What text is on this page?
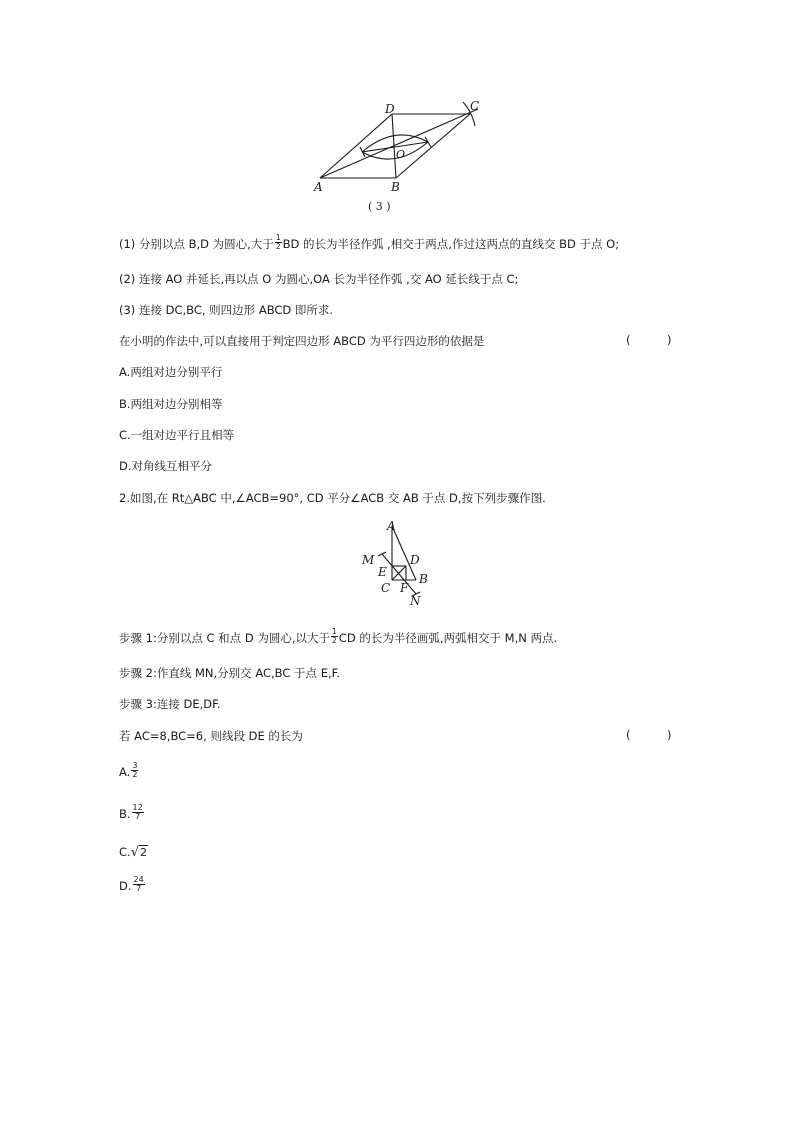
D	C
O
A	B
( 3 )
(1) 分别以点 B,D 为圆心,大于 $\frac{1}{2}$ BD 的长为半径作弧 ,相交于两点,作过这两点的直线交 BD 于点 O;
(2) 连接 AO 并延长,再以点 O 为圆心,OA 长为半径作弧 ,交 AO 延长线于点 C;
(3) 连接 DC,BC, 则四边形 ABCD 即所求.
在小明的作法中,可以直接用于判定四边形 ABCD 为平行四边形的依据是	(          )
A.两组对边分别平行
B.两组对边分别相等
C.一组对边平行且相等
D.对角线互相平分
2.如图,在 Rt△ABC 中,∠ACB=90°, CD 平分∠ACB 交 AB 于点 D,按下列步骤作图.
A
M	D
E	B
C F
N
步骤 1:分别以点 C 和点 D 为圆心,以大于 $\frac{1}{2}$ CD 的长为半径画弧,两弧相交于 M,N 两点.
步骤 2:作直线 MN,分别交 AC,BC 于点 E,F.
步骤 3:连接 DE,DF.
若 AC=8,BC=6, 则线段 DE 的长为	(          )
A. $\frac{3}{2}$
B. $\frac{12}{7}$
C.√2
D. $\frac{24}{7}$
